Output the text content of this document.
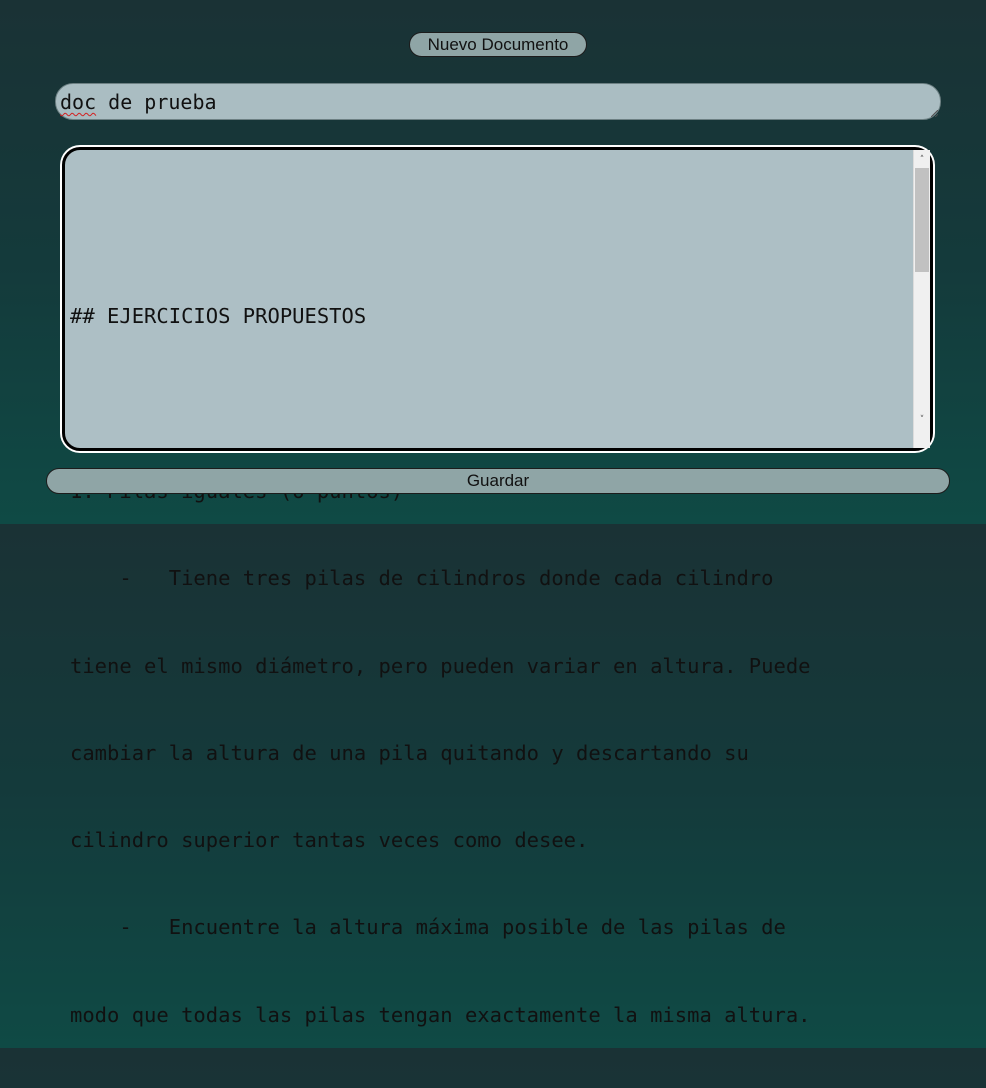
Nuevo Documento
doc de prueba

## EJERCICIOS PROPUESTOS

-   Tiene tres pilas de cilindros donde cada cilindro

tiene el mismo diámetro, pero pueden variar en altura. Puede

cambiar la altura de una pila quitando y descartando su

cilindro superior tantas veces como desee.

-   Encuentre la altura máxima posible de las pilas de

modo que todas las pilas tengan exactamente la misma altura.

˄
˅
Guardar
